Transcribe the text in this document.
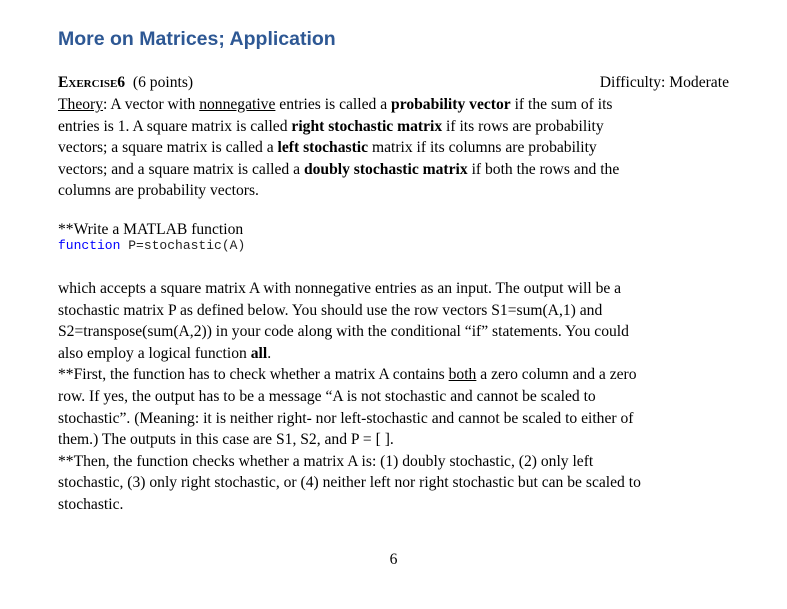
More on Matrices; Application
Exercise6 (6 points)	Difficulty: Moderate
Theory: A vector with nonnegative entries is called a probability vector if the sum of its
entries is 1. A square matrix is called right stochastic matrix if its rows are probability
vectors; a square matrix is called a left stochastic matrix if its columns are probability
vectors; and a square matrix is called a doubly stochastic matrix if both the rows and the
columns are probability vectors.
**Write a MATLAB function
function P=stochastic(A)
which accepts a square matrix A with nonnegative entries as an input. The output will be a
stochastic matrix P as defined below. You should use the row vectors S1=sum(A,1) and
S2=transpose(sum(A,2)) in your code along with the conditional “if” statements. You could
also employ a logical function all.
**First, the function has to check whether a matrix A contains both a zero column and a zero
row. If yes, the output has to be a message “A is not stochastic and cannot be scaled to
stochastic”. (Meaning: it is neither right- nor left-stochastic and cannot be scaled to either of
them.) The outputs in this case are S1, S2, and P = [ ].
**Then, the function checks whether a matrix A is: (1) doubly stochastic, (2) only left
stochastic, (3) only right stochastic, or (4) neither left nor right stochastic but can be scaled to
stochastic.
6
